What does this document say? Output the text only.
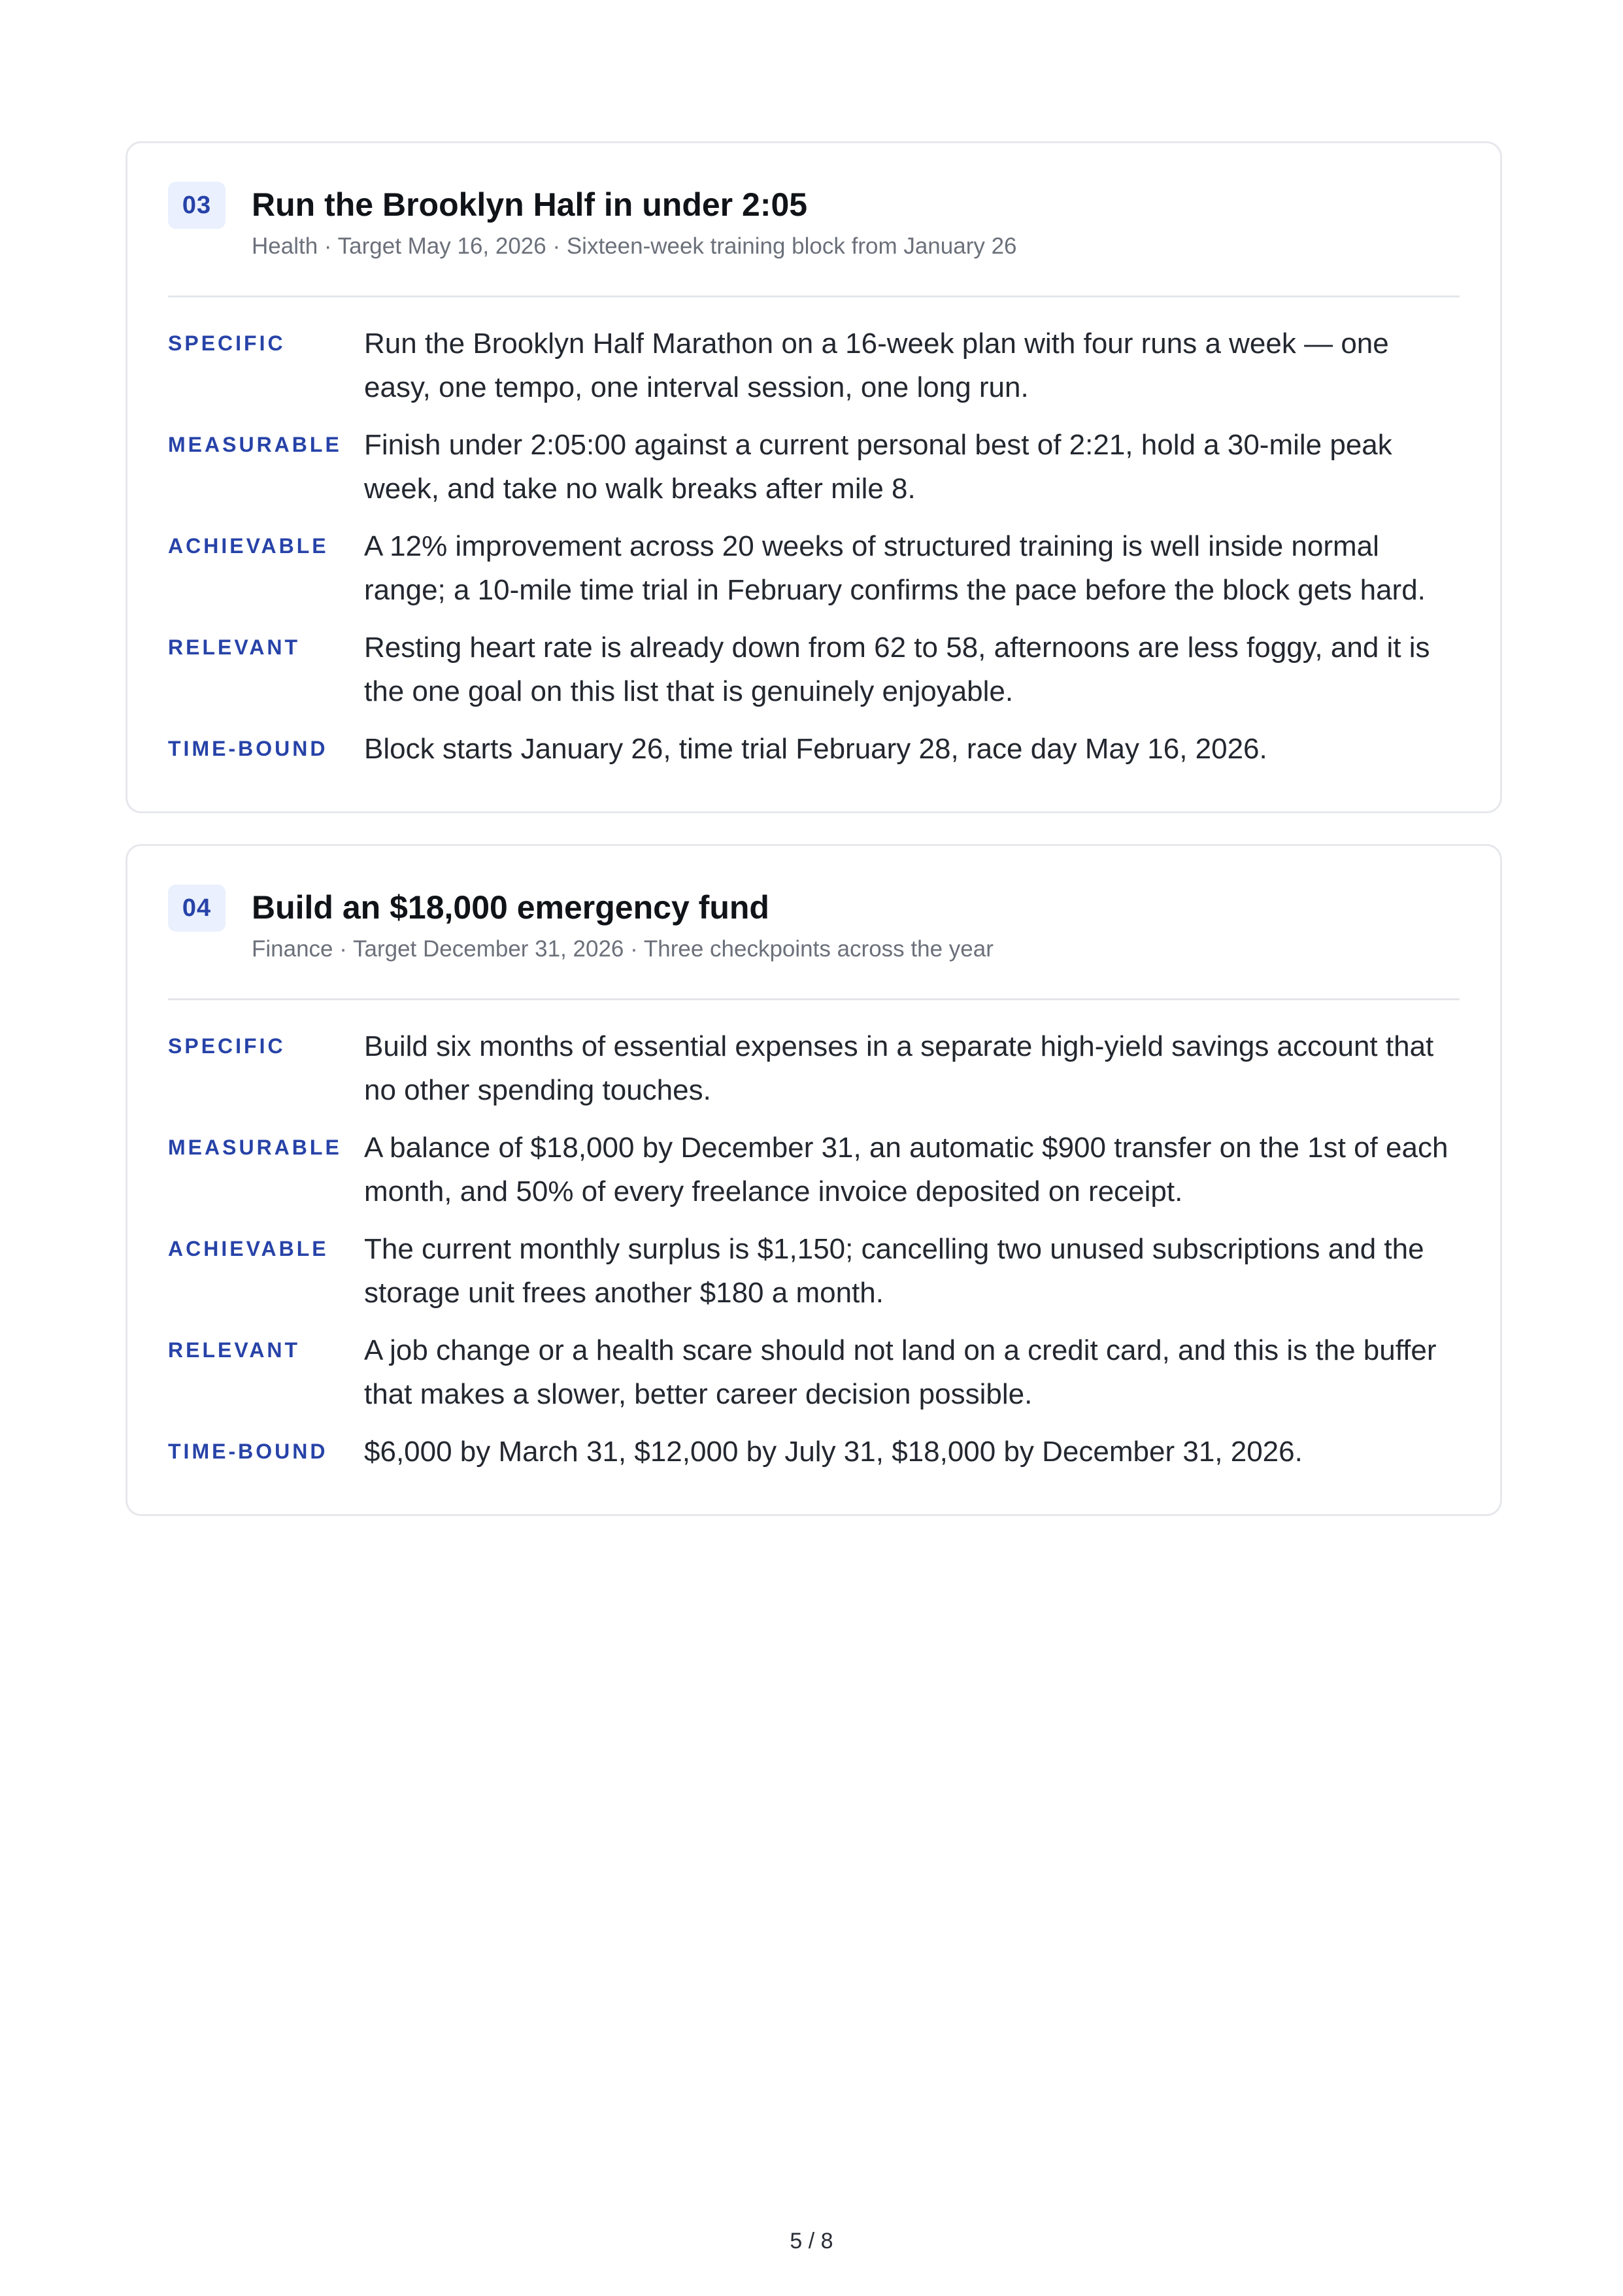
03	Run the Brooklyn Half in under 2:05
Health · Target May 16, 2026 · Sixteen-week training block from January 26
SPECIFIC	Run the Brooklyn Half Marathon on a 16-week plan with four runs a week — one easy, one tempo, one interval session, one long run.
MEASURABLE Finish under 2:05:00 against a current personal best of 2:21, hold a 30-mile peak week, and take no walk breaks after mile 8.
ACHIEVABLE	A 12% improvement across 20 weeks of structured training is well inside normal range; a 10-mile time trial in February confirms the pace before the block gets hard.
RELEVANT	Resting heart rate is already down from 62 to 58, afternoons are less foggy, and it is the one goal on this list that is genuinely enjoyable.
TIME-BOUND	Block starts January 26, time trial February 28, race day May 16, 2026.
04	Build an $18,000 emergency fund
Finance · Target December 31, 2026 · Three checkpoints across the year
SPECIFIC	Build six months of essential expenses in a separate high-yield savings account that no other spending touches.
MEASURABLE A balance of $18,000 by December 31, an automatic $900 transfer on the 1st of each month, and 50% of every freelance invoice deposited on receipt.
ACHIEVABLE	The current monthly surplus is $1,150; cancelling two unused subscriptions and the storage unit frees another $180 a month.
RELEVANT	A job change or a health scare should not land on a credit card, and this is the buffer that makes a slower, better career decision possible.
TIME-BOUND	$6,000 by March 31, $12,000 by July 31, $18,000 by December 31, 2026.
5 / 8
